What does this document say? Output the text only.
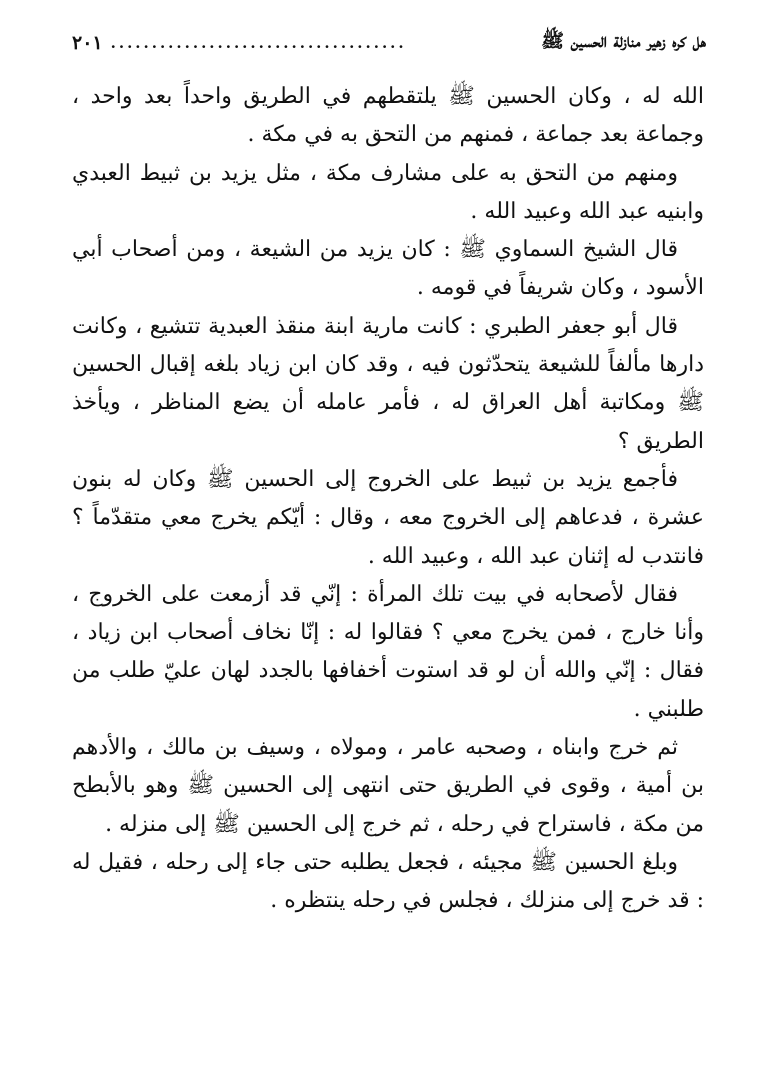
هل كره زهير منازلة الحسين ﷺ
....................................
٢٠١

الله له ، وكان الحسين ﷺ يلتقطهم في الطريق واحداً بعد واحد ، وجماعة بعد جماعة ، فمنهم من التحق به في مكة .

ومنهم من التحق به على مشارف مكة ، مثل يزيد بن ثبيط العبدي وابنيه عبد الله وعبيد الله .

قال الشيخ السماوي ﷺ : كان يزيد من الشيعة ، ومن أصحاب أبي الأسود ، وكان شريفاً في قومه .

قال أبو جعفر الطبري : كانت مارية ابنة منقذ العبدية تتشيع ، وكانت دارها مألفاً للشيعة يتحدّثون فيه ، وقد كان ابن زياد بلغه إقبال الحسين ﷺ ومكاتبة أهل العراق له ، فأمر عامله أن يضع المناظر ، ويأخذ الطريق ؟

فأجمع يزيد بن ثبيط على الخروج إلى الحسين ﷺ وكان له بنون عشرة ، فدعاهم إلى الخروج معه ، وقال : أيّكم يخرج معي متقدّماً ؟ فانتدب له إثنان عبد الله ، وعبيد الله .

فقال لأصحابه في بيت تلك المرأة : إنّي قد أزمعت على الخروج ، وأنا خارج ، فمن يخرج معي ؟ فقالوا له : إنّا نخاف أصحاب ابن زياد ، فقال : إنّي والله أن لو قد استوت أخفافها بالجدد لهان عليّ طلب من طلبني .

ثم خرج وابناه ، وصحبه عامر ، ومولاه ، وسيف بن مالك ، والأدهم بن أمية ، وقوى في الطريق حتى انتهى إلى الحسين ﷺ وهو بالأبطح من مكة ، فاستراح في رحله ، ثم خرج إلى الحسين ﷺ إلى منزله .

وبلغ الحسين ﷺ مجيئه ، فجعل يطلبه حتى جاء إلى رحله ، فقيل له : قد خرج إلى منزلك ، فجلس في رحله ينتظره .
